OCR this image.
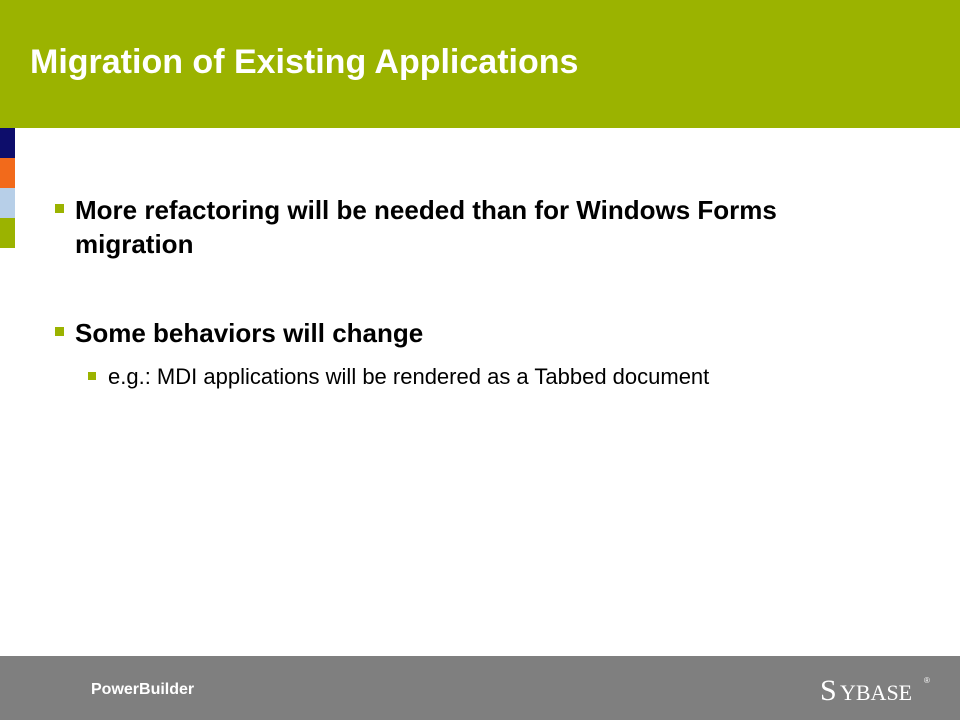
Migration of Existing Applications
More refactoring will be needed than for Windows Forms migration
Some behaviors will change
e.g.: MDI applications will be rendered as a Tabbed document
PowerBuilder	S YBASE ®
